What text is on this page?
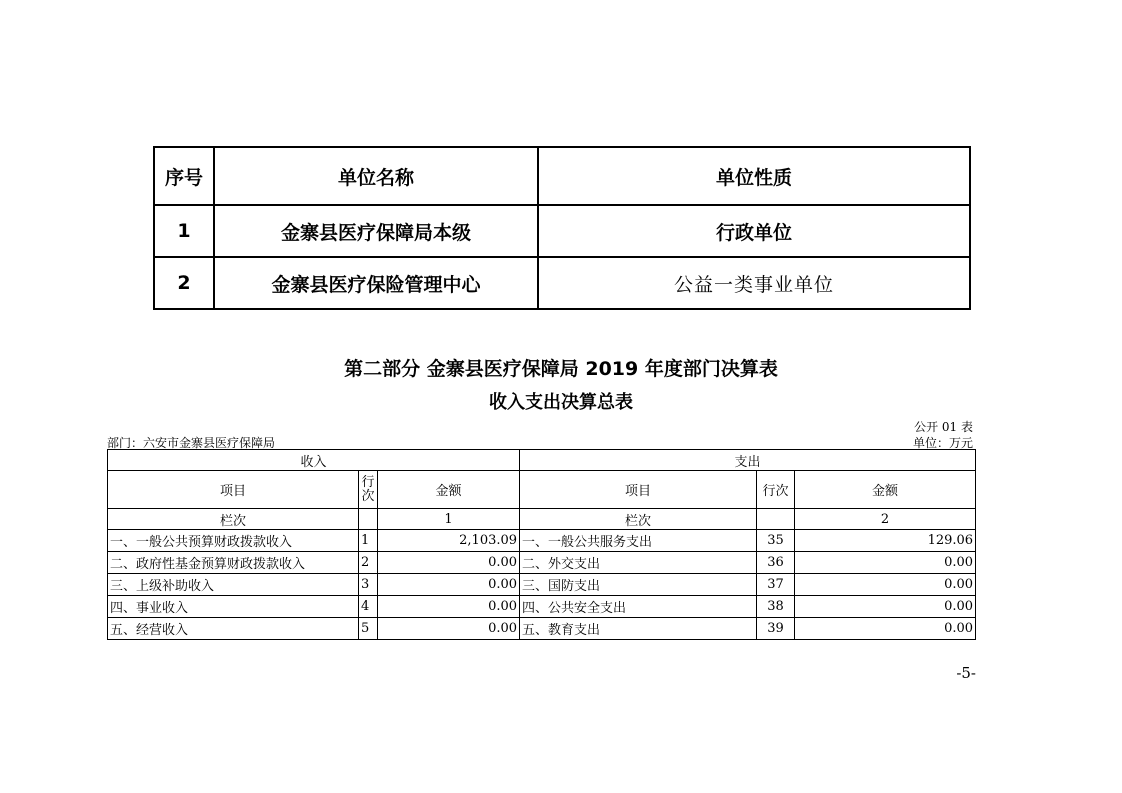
序号	单位名称	单位性质
1	金寨县医疗保障局本级	行政单位
2	金寨县医疗保险管理中心	公益一类事业单位
第二部分 金寨县医疗保障局 2019 年度部门决算表
收入支出决算总表
公开 01 表
部门：六安市金寨县医疗保障局	单位：万元
收入			支出		
项目	行次	金额	项目	行次	金额
栏次		1	栏次		2
一、一般公共预算财政拨款收入	1	2,103.09	一、一般公共服务支出	35	129.06
二、政府性基金预算财政拨款收入	2	0.00	二、外交支出	36	0.00
三、上级补助收入	3	0.00	三、国防支出	37	0.00
四、事业收入	4	0.00	四、公共安全支出	38	0.00
五、经营收入	5	0.00	五、教育支出	39	0.00
-5-
